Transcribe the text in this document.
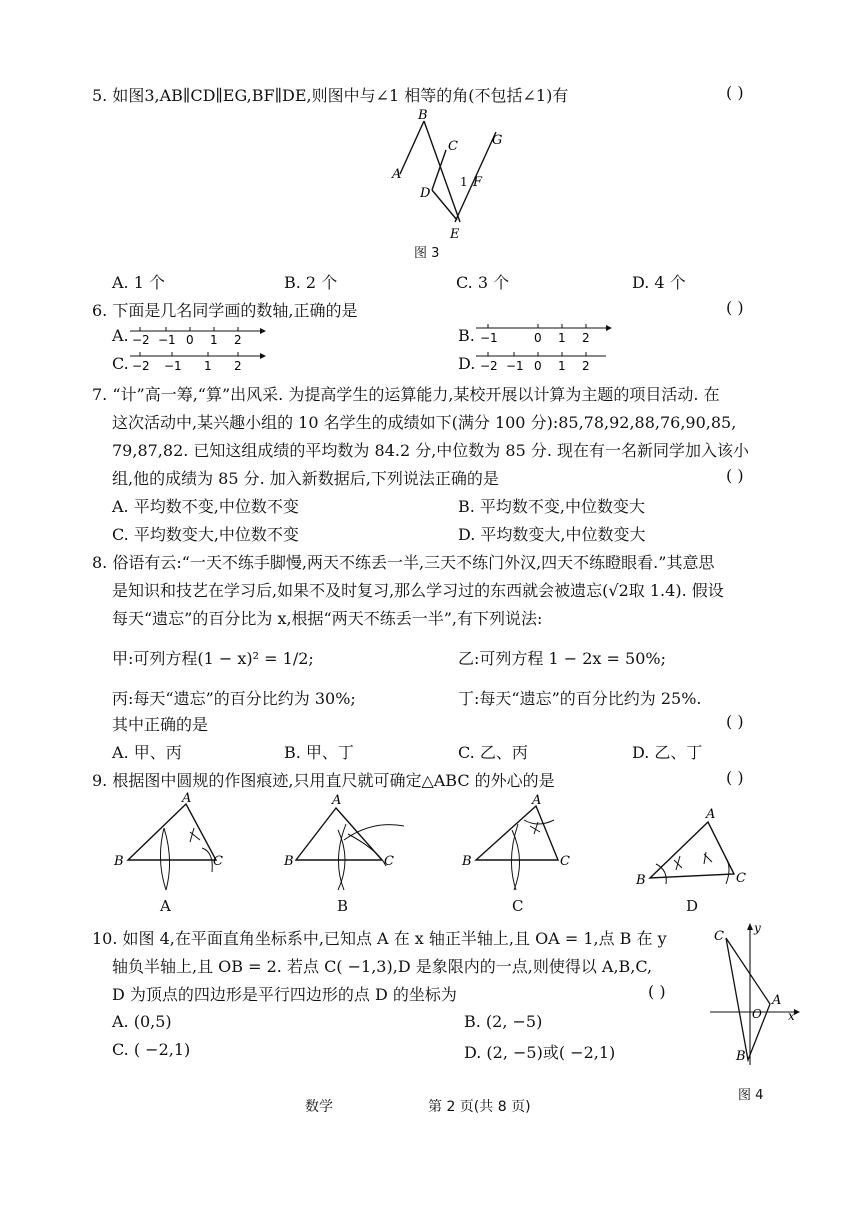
5. 如图3,AB∥CD∥EG,BF∥DE,则图中与∠1 相等的角(不包括∠1)有	( )
A
B
C
D
E
F
G
1
图 3
A. 1 个	B. 2 个	C. 3 个	D. 4 个
6. 下面是几名同学画的数轴,正确的是	( )
A. −2 −1 0 1 2	B. −1	0 1 2
C. −2 −1 1 2	D. −2 −1 0 1 2
7. “计”高一筹,“算”出风采. 为提高学生的运算能力,某校开展以计算为主题的项目活动. 在
这次活动中,某兴趣小组的 10 名学生的成绩如下(满分 100 分):85,78,92,88,76,90,85,
79,87,82. 已知这组成绩的平均数为 84.2 分,中位数为 85 分. 现在有一名新同学加入该小
组,他的成绩为 85 分. 加入新数据后,下列说法正确的是	( )
A. 平均数不变,中位数不变	B. 平均数不变,中位数变大
C. 平均数变大,中位数不变	D. 平均数变大,中位数变大
8. 俗语有云:“一天不练手脚慢,两天不练丢一半,三天不练门外汉,四天不练瞪眼看.”其意思
是知识和技艺在学习后,如果不及时复习,那么学习过的东西就会被遗忘(√2取 1.4). 假设
每天“遗忘”的百分比为 x,根据“两天不练丢一半”,有下列说法:
甲:可列方程(1 − x)² = 1/2;	乙:可列方程 1 − 2x = 50%;
丙:每天“遗忘”的百分比约为 30%;	丁:每天“遗忘”的百分比约为 25%.
其中正确的是	( )
A. 甲、丙	B. 甲、丁	C. 乙、丙	D. 乙、丁
9. 根据图中圆规的作图痕迹,只用直尺就可确定△ABC 的外心的是	( )
A
B	C
A
A
B	C
B
A
B	C
C
A
B	C
D
10. 如图 4,在平面直角坐标系中,已知点 A 在 x 轴正半轴上,且 OA = 1,点 B 在 y
轴负半轴上,且 OB = 2. 若点 C( −1,3),D 是象限内的一点,则使得以 A,B,C,
D 为顶点的四边形是平行四边形的点 D 的坐标为	( )
A. (0,5)	B. (2, −5)
C. ( −2,1)	D. (2, −5)或( −2,1)
C
y
A
O x
B
图 4
数学	第 2 页(共 8 页)
